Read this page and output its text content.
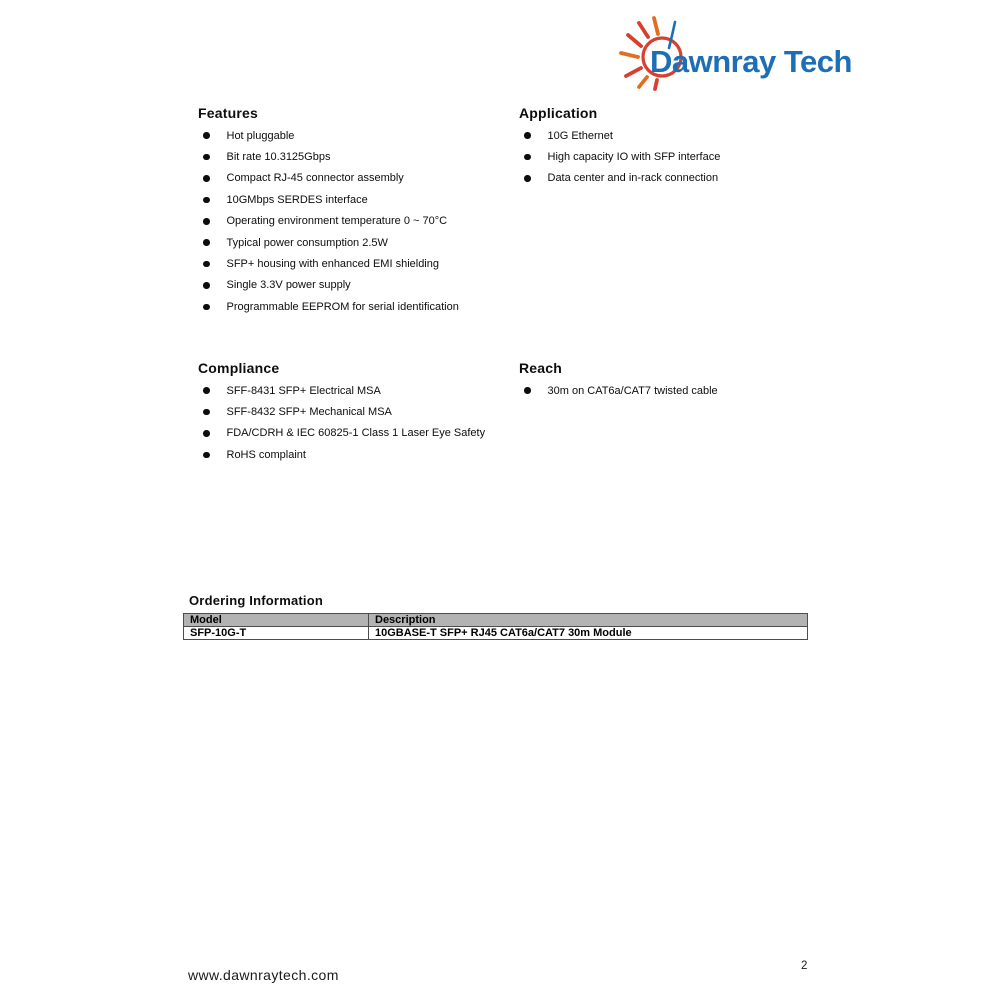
Dawnray Tech
Features
Hot pluggable
Bit rate 10.3125Gbps
Compact RJ-45 connector assembly
10GMbps SERDES interface
Operating environment temperature 0 ~ 70°C
Typical power consumption 2.5W
SFP+ housing with enhanced EMI shielding
Single 3.3V power supply
Programmable EEPROM for serial identification
Application
10G Ethernet
High capacity IO with SFP interface
Data center and in-rack connection
Compliance
SFF-8431 SFP+ Electrical MSA
SFF-8432 SFP+ Mechanical MSA
FDA/CDRH & IEC 60825-1 Class 1 Laser Eye Safety
RoHS complaint
Reach
30m on CAT6a/CAT7 twisted cable
Ordering Information
Model	Description
SFP-10G-T	10GBASE-T SFP+ RJ45 CAT6a/CAT7 30m Module
www.dawnraytech.com
2
